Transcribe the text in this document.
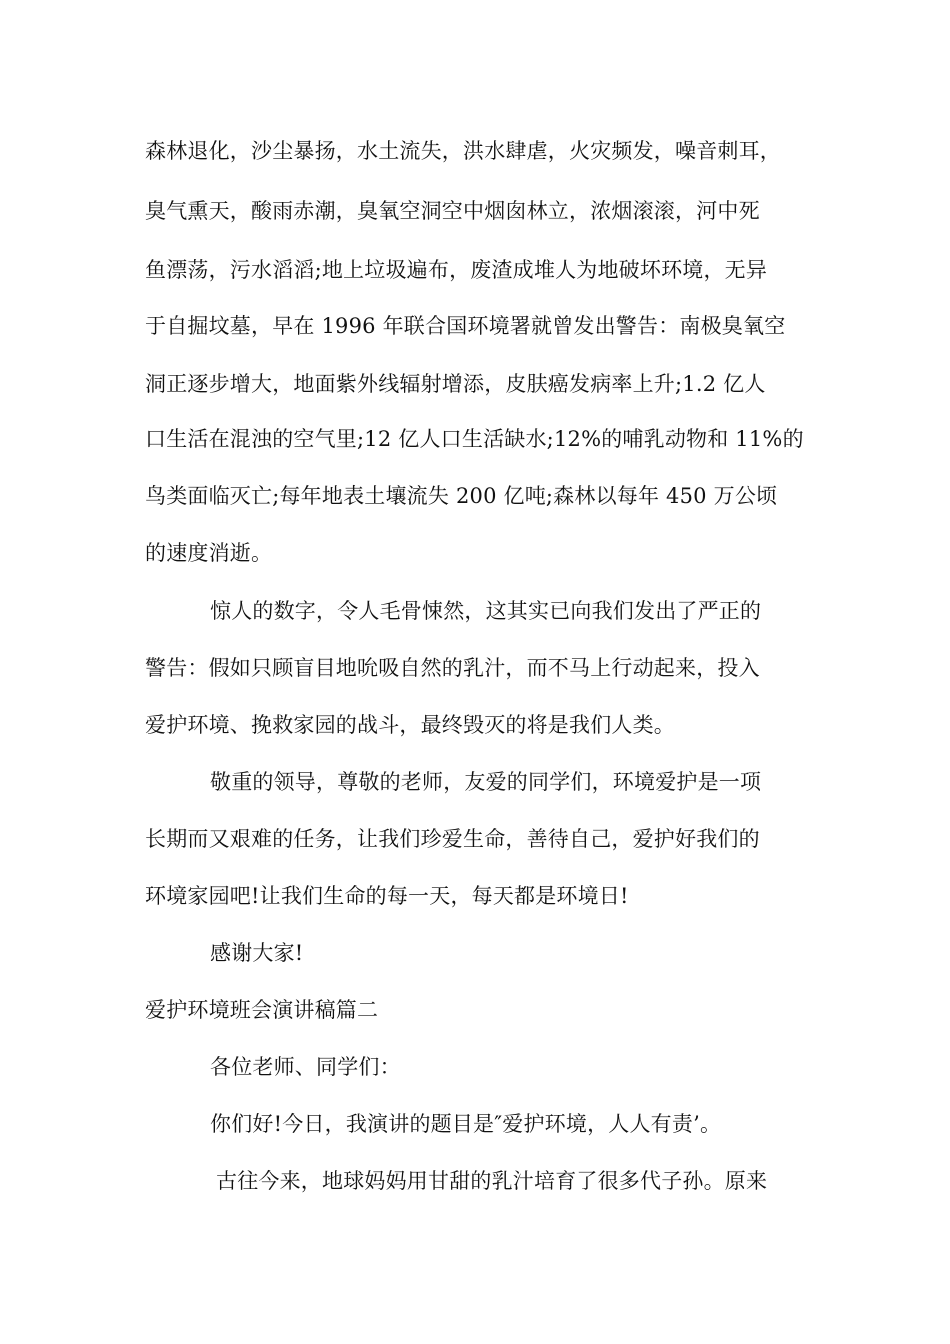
森林退化，沙尘暴扬，水土流失，洪水肆虐，火灾频发，噪音刺耳，
臭气熏天，酸雨赤潮，臭氧空洞空中烟囱林立，浓烟滚滚，河中死
鱼漂荡，污水滔滔;地上垃圾遍布，废渣成堆人为地破坏环境，无异
于自掘坟墓，早在 1996 年联合国环境署就曾发出警告：南极臭氧空
洞正逐步增大，地面紫外线辐射增添，皮肤癌发病率上升;1.2 亿人
口生活在混浊的空气里;12 亿人口生活缺水;12%的哺乳动物和 11%的
鸟类面临灭亡;每年地表土壤流失 200 亿吨;森林以每年 450 万公顷
的速度消逝。
惊人的数字，令人毛骨悚然，这其实已向我们发出了严正的
警告：假如只顾盲目地吮吸自然的乳汁，而不马上行动起来，投入
爱护环境、挽救家园的战斗，最终毁灭的将是我们人类。
敬重的领导，尊敬的老师，友爱的同学们，环境爱护是一项
长期而又艰难的任务，让我们珍爱生命，善待自己，爱护好我们的
环境家园吧!让我们生命的每一天，每天都是环境日!
感谢大家!
爱护环境班会演讲稿篇二
各位老师、同学们：
你们好!今日，我演讲的题目是″爱护环境，人人有责’。
古往今来，地球妈妈用甘甜的乳汁培育了很多代子孙。原来
